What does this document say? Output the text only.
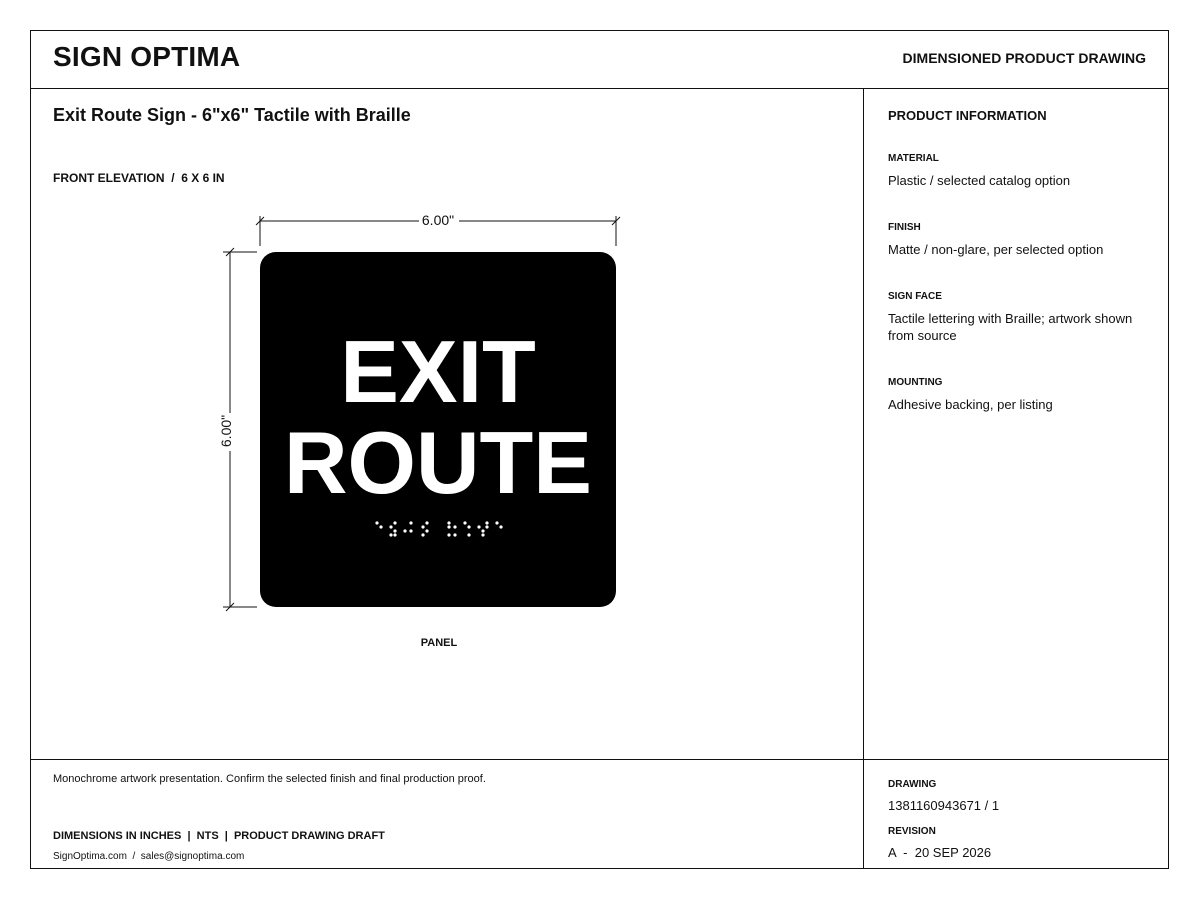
SIGN OPTIMA	DIMENSIONED PRODUCT DRAWING
Exit Route Sign - 6"x6" Tactile with Braille
FRONT ELEVATION  /  6 X 6 IN
6.00"
6.00"
EXIT
ROUTE
PANEL
PRODUCT INFORMATION
MATERIAL
Plastic / selected catalog option
FINISH
Matte / non-glare, per selected option
SIGN FACE
Tactile lettering with Braille; artwork shown from source
MOUNTING
Adhesive backing, per listing
Monochrome artwork presentation. Confirm the selected finish and final production proof.
DIMENSIONS IN INCHES  |  NTS  |  PRODUCT DRAWING DRAFT
SignOptima.com  /  sales@signoptima.com
DRAWING
1381160943671 / 1
REVISION
A  -  20 SEP 2026
